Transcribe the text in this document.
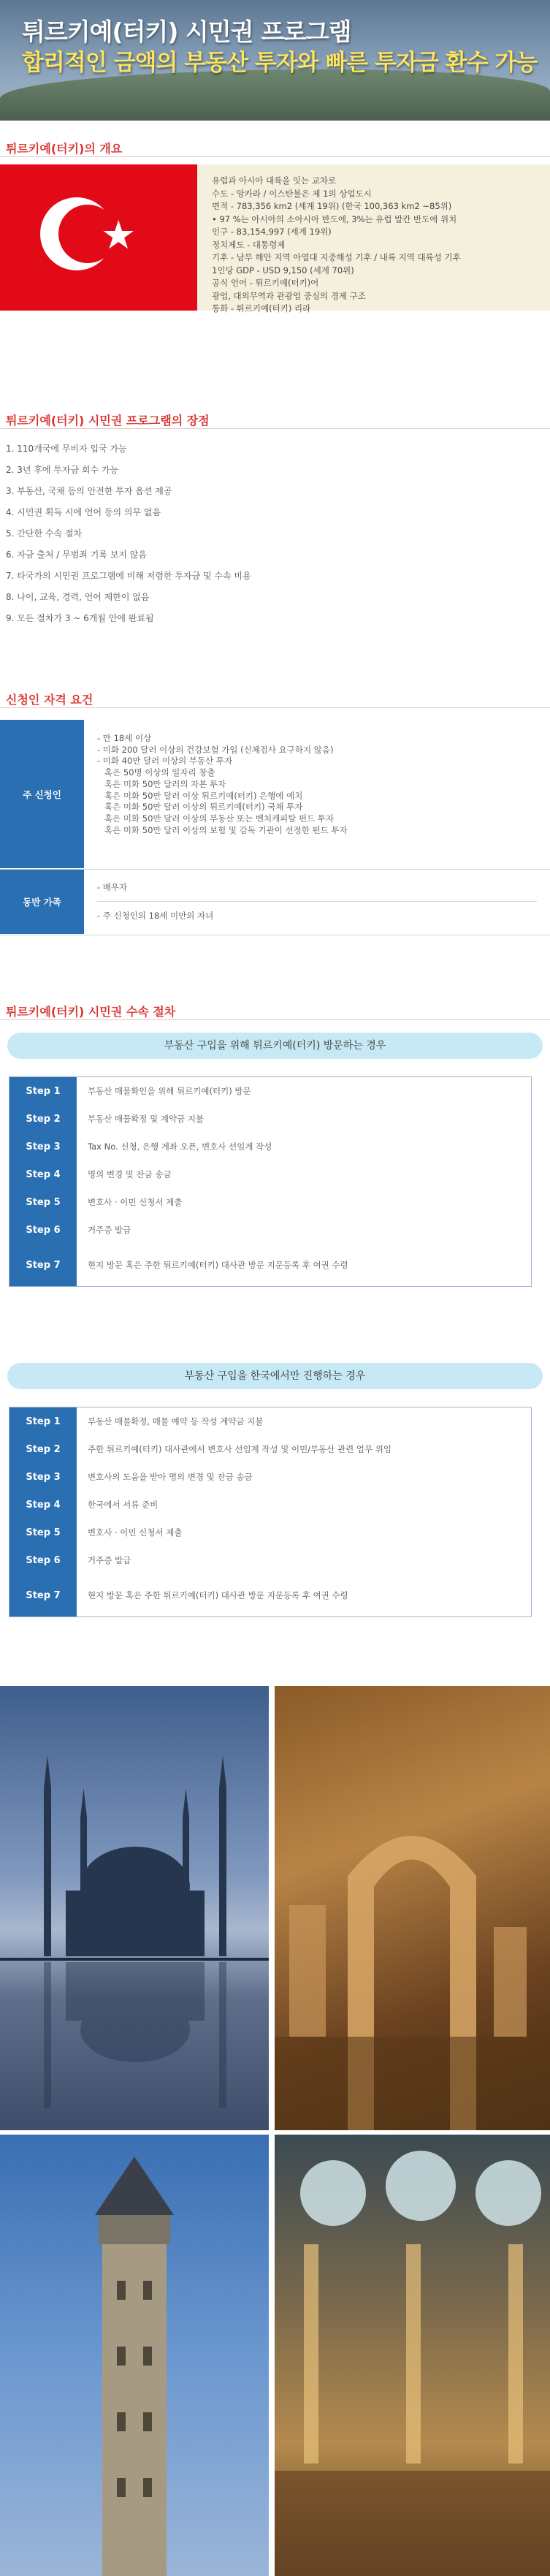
튀르키예(터키) 시민권 프로그램
합리적인 금액의 부동산 투자와 빠른 투자금 환수 가능
튀르키예(터키)의 개요
★
유럽과 아시아 대륙을 잇는 교차로
수도 - 앙카라 / 이스탄불은 제 1의 상업도시
면적 - 783,356 km2 (세계 19위) (한국 100,363 km2 ~85위)
• 97 %는 아시아의 소아시아 반도에, 3%는 유럽 발칸 반도에 위치
인구 - 83,154,997 (세계 19위)
정치제도 - 대통령제
기후 - 남부 해안 지역 아열대 지중해성 기후 / 내륙 지역 대륙성 기후
1인당 GDP - USD 9,150 (세계 70위)
공식 언어 - 튀르키예(터키)어
광업, 대외무역과 관광업 중심의 경제 구조
통화 - 튀르키예(터키) 리라
튀르키예(터키) 시민권 프로그램의 장점
1. 110개국에 무비자 입국 가능
2. 3년 후에 투자금 회수 가능
3. 부동산, 국채 등의 안전한 투자 옵션 제공
4. 시민권 획득 시에 언어 등의 의무 없음
5. 간단한 수속 절차
6. 자금 출처 / 무범죄 기록 보지 않음
7. 타국가의 시민권 프로그램에 비해 저렴한 투자금 및 수속 비용
8. 나이, 교육, 경력, 언어 제한이 없음
9. 모든 절차가 3 ~ 6개월 안에 완료됨
신청인 자격 요건
주 신청인
- 만 18세 이상
- 미화 200 달러 이상의 건강보험 가입 (신체검사 요구하지 않음)
- 미화 40만 달러 이상의 부동산 투자
혹은 50명 이상의 일자리 창출
혹은 미화 50만 달러의 자본 투자
혹은 미화 50만 달러 이상 튀르키예(터키) 은행에 예치
혹은 미화 50만 달러 이상의 튀르키예(터키) 국채 투자
혹은 미화 50만 달러 이상의 부동산 또는 벤처캐피탈 펀드 투자
혹은 미화 50만 달러 이상의 보험 및 감독 기관이 선정한 펀드 투자
동반 가족
- 배우자
- 주 신청인의 18세 미만의 자녀
튀르키예(터키) 시민권 수속 절차
부동산 구입을 위해 튀르키예(터키) 방문하는 경우
Step 1	부동산 매물확인을 위해 튀르키예(터키) 방문
Step 2	부동산 매물확정 및 계약금 지불
Step 3	Tax No. 신청, 은행 계좌 오픈, 변호사 선임계 작성
Step 4	명의 변경 및 잔금 송금
Step 5	변호사 · 이민 신청서 제출
Step 6	거주증 발급
Step 7	현지 방문 혹은 주한 튀르키예(터키) 대사관 방문 지문등록 후 여권 수령
부동산 구입을 한국에서만 진행하는 경우
Step 1	부동산 매물확정, 매물 예약 등 작성 계약금 지불
Step 2	주한 튀르키예(터키) 대사관에서 변호사 선임계 작성 및 이민/부동산 관련 업무 위임
Step 3	변호사의 도움을 받아 명의 변경 및 잔금 송금
Step 4	한국에서 서류 준비
Step 5	변호사 · 이민 신청서 제출
Step 6	거주증 발급
Step 7	현지 방문 혹은 주한 튀르키예(터키) 대사관 방문 지문등록 후 여권 수령
